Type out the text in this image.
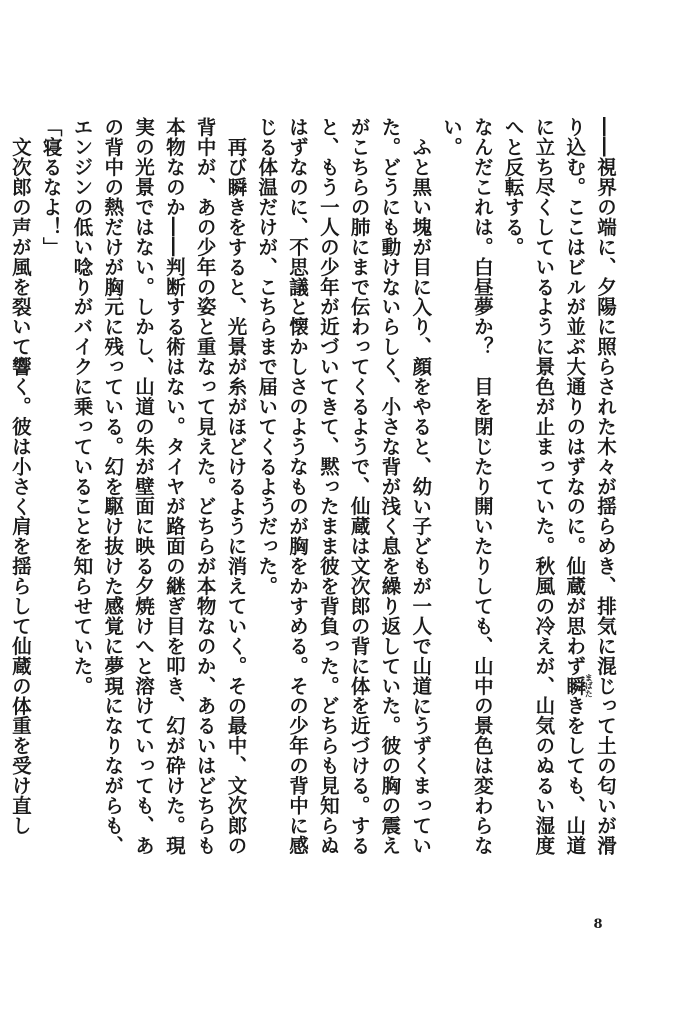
――視界の端に、夕陽に照らされた木々が揺らめき、排気に混じって土の匂いが滑り込む。ここはビルが並ぶ大通りのはずなのに。仙蔵が思わず瞬まばたきをしても、山道に立ち尽くしているように景色が止まっていた。秋風の冷えが、山気のぬるい湿度へと反転する。

なんだこれは。白昼夢か？　目を閉じたり開いたりしても、山中の景色は変わらない。

ふと黒い塊が目に入り、顔をやると、幼い子どもが一人で山道にうずくまっていた。どうにも動けないらしく、小さな背が浅く息を繰り返していた。彼の胸の震えがこちらの肺にまで伝わってくるようで、仙蔵は文次郎の背に体を近づける。すると、もう一人の少年が近づいてきて、黙ったまま彼を背負った。どちらも見知らぬはずなのに、不思議と懐かしさのようなものが胸をかすめる。その少年の背中に感じる体温だけが、こちらまで届いてくるようだった。

再び瞬きをすると、光景が糸がほどけるように消えていく。その最中、文次郎の背中が、あの少年の姿と重なって見えた。どちらが本物なのか、あるいはどちらも本物なのか――判断する術はない。タイヤが路面の継ぎ目を叩き、幻が砕けた。現実の光景ではない。しかし、山道の朱が壁面に映る夕焼けへと溶けていっても、あの背中の熱だけが胸元に残っている。幻を駆け抜けた感覚に夢現になりながらも、エンジンの低い唸りがバイクに乗っていることを知らせていた。

「寝るなよ！」

文次郎の声が風を裂いて響く。彼は小さく肩を揺らして仙蔵の体重を受け直し

8
